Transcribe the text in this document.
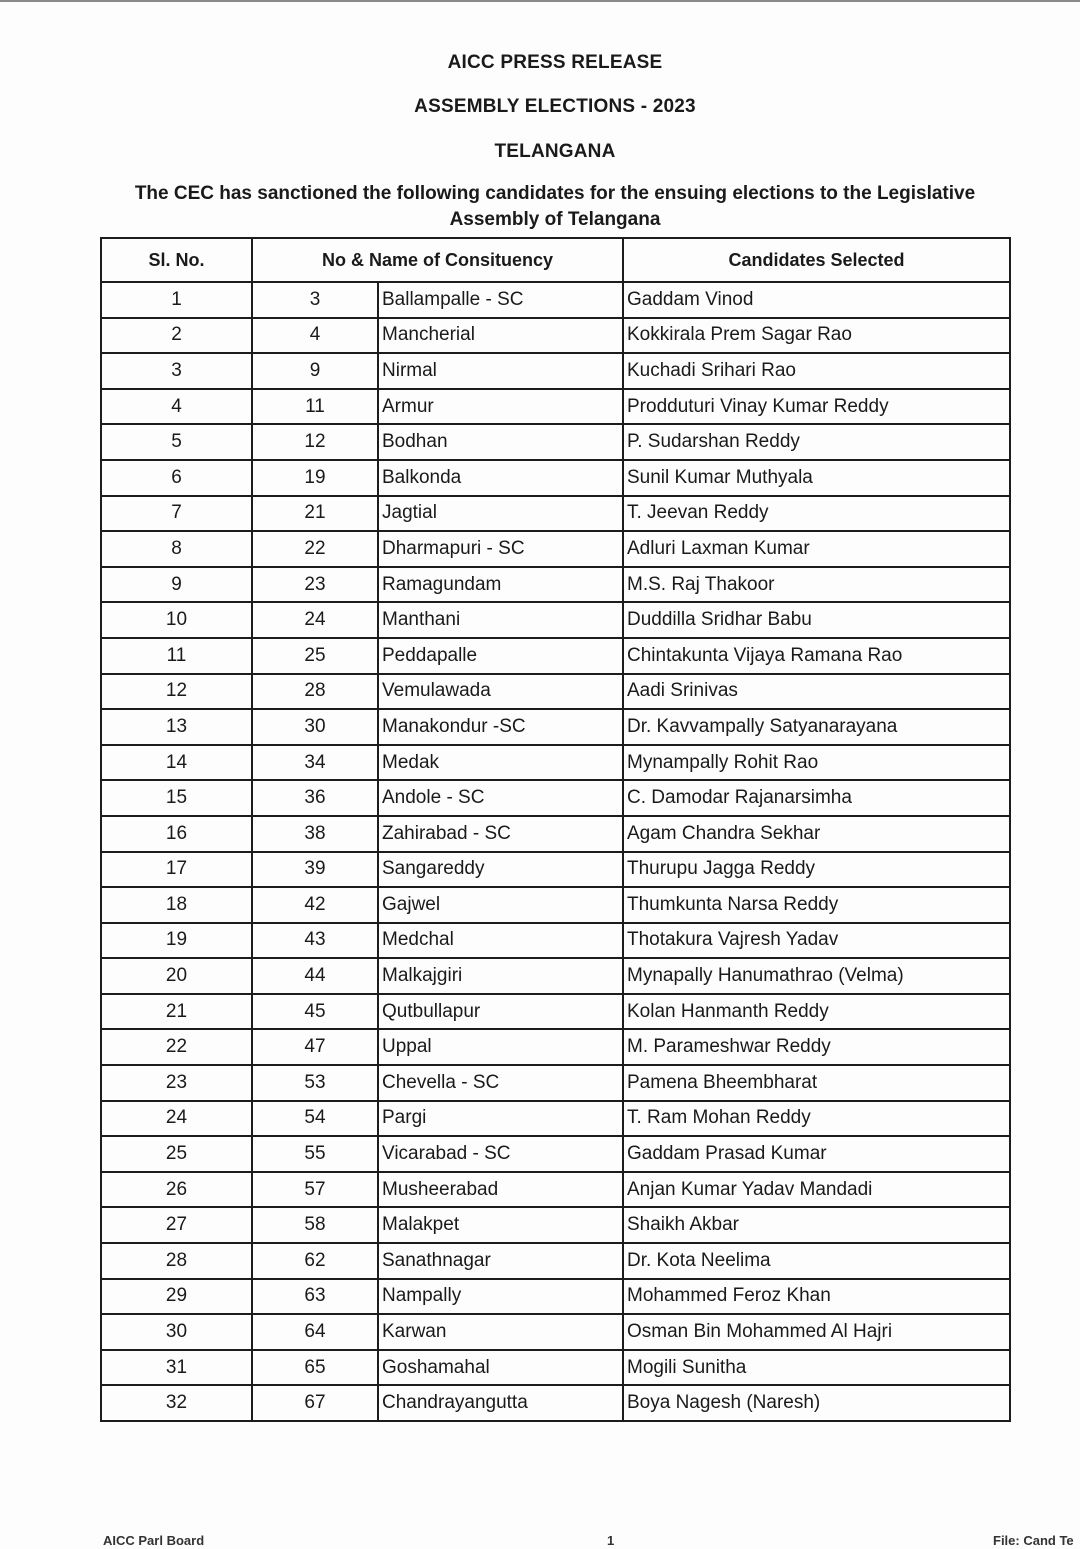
AICC PRESS RELEASE
ASSEMBLY ELECTIONS - 2023
TELANGANA
The CEC has sanctioned the following candidates for the ensuing elections to the Legislative Assembly of Telangana
Sl. No.	No & Name of Consituency		Candidates Selected
1	3	Ballampalle - SC	Gaddam Vinod
2	4	Mancherial	Kokkirala Prem Sagar Rao
3	9	Nirmal	Kuchadi Srihari Rao
4	11	Armur	Prodduturi Vinay Kumar Reddy
5	12	Bodhan	P. Sudarshan Reddy
6	19	Balkonda	Sunil Kumar Muthyala
7	21	Jagtial	T. Jeevan Reddy
8	22	Dharmapuri - SC	Adluri Laxman Kumar
9	23	Ramagundam	M.S. Raj Thakoor
10	24	Manthani	Duddilla Sridhar Babu
11	25	Peddapalle	Chintakunta Vijaya Ramana Rao
12	28	Vemulawada	Aadi Srinivas
13	30	Manakondur -SC	Dr. Kavvampally Satyanarayana
14	34	Medak	Mynampally Rohit Rao
15	36	Andole - SC	C. Damodar Rajanarsimha
16	38	Zahirabad - SC	Agam Chandra Sekhar
17	39	Sangareddy	Thurupu Jagga Reddy
18	42	Gajwel	Thumkunta Narsa Reddy
19	43	Medchal	Thotakura Vajresh Yadav
20	44	Malkajgiri	Mynapally Hanumathrao (Velma)
21	45	Qutbullapur	Kolan Hanmanth Reddy
22	47	Uppal	M. Parameshwar Reddy
23	53	Chevella - SC	Pamena Bheembharat
24	54	Pargi	T. Ram Mohan Reddy
25	55	Vicarabad - SC	Gaddam Prasad Kumar
26	57	Musheerabad	Anjan Kumar Yadav Mandadi
27	58	Malakpet	Shaikh Akbar
28	62	Sanathnagar	Dr. Kota Neelima
29	63	Nampally	Mohammed Feroz Khan
30	64	Karwan	Osman Bin Mohammed Al Hajri
31	65	Goshamahal	Mogili Sunitha
32	67	Chandrayangutta	Boya Nagesh (Naresh)
AICC Parl Board	1	File: Cand Te
